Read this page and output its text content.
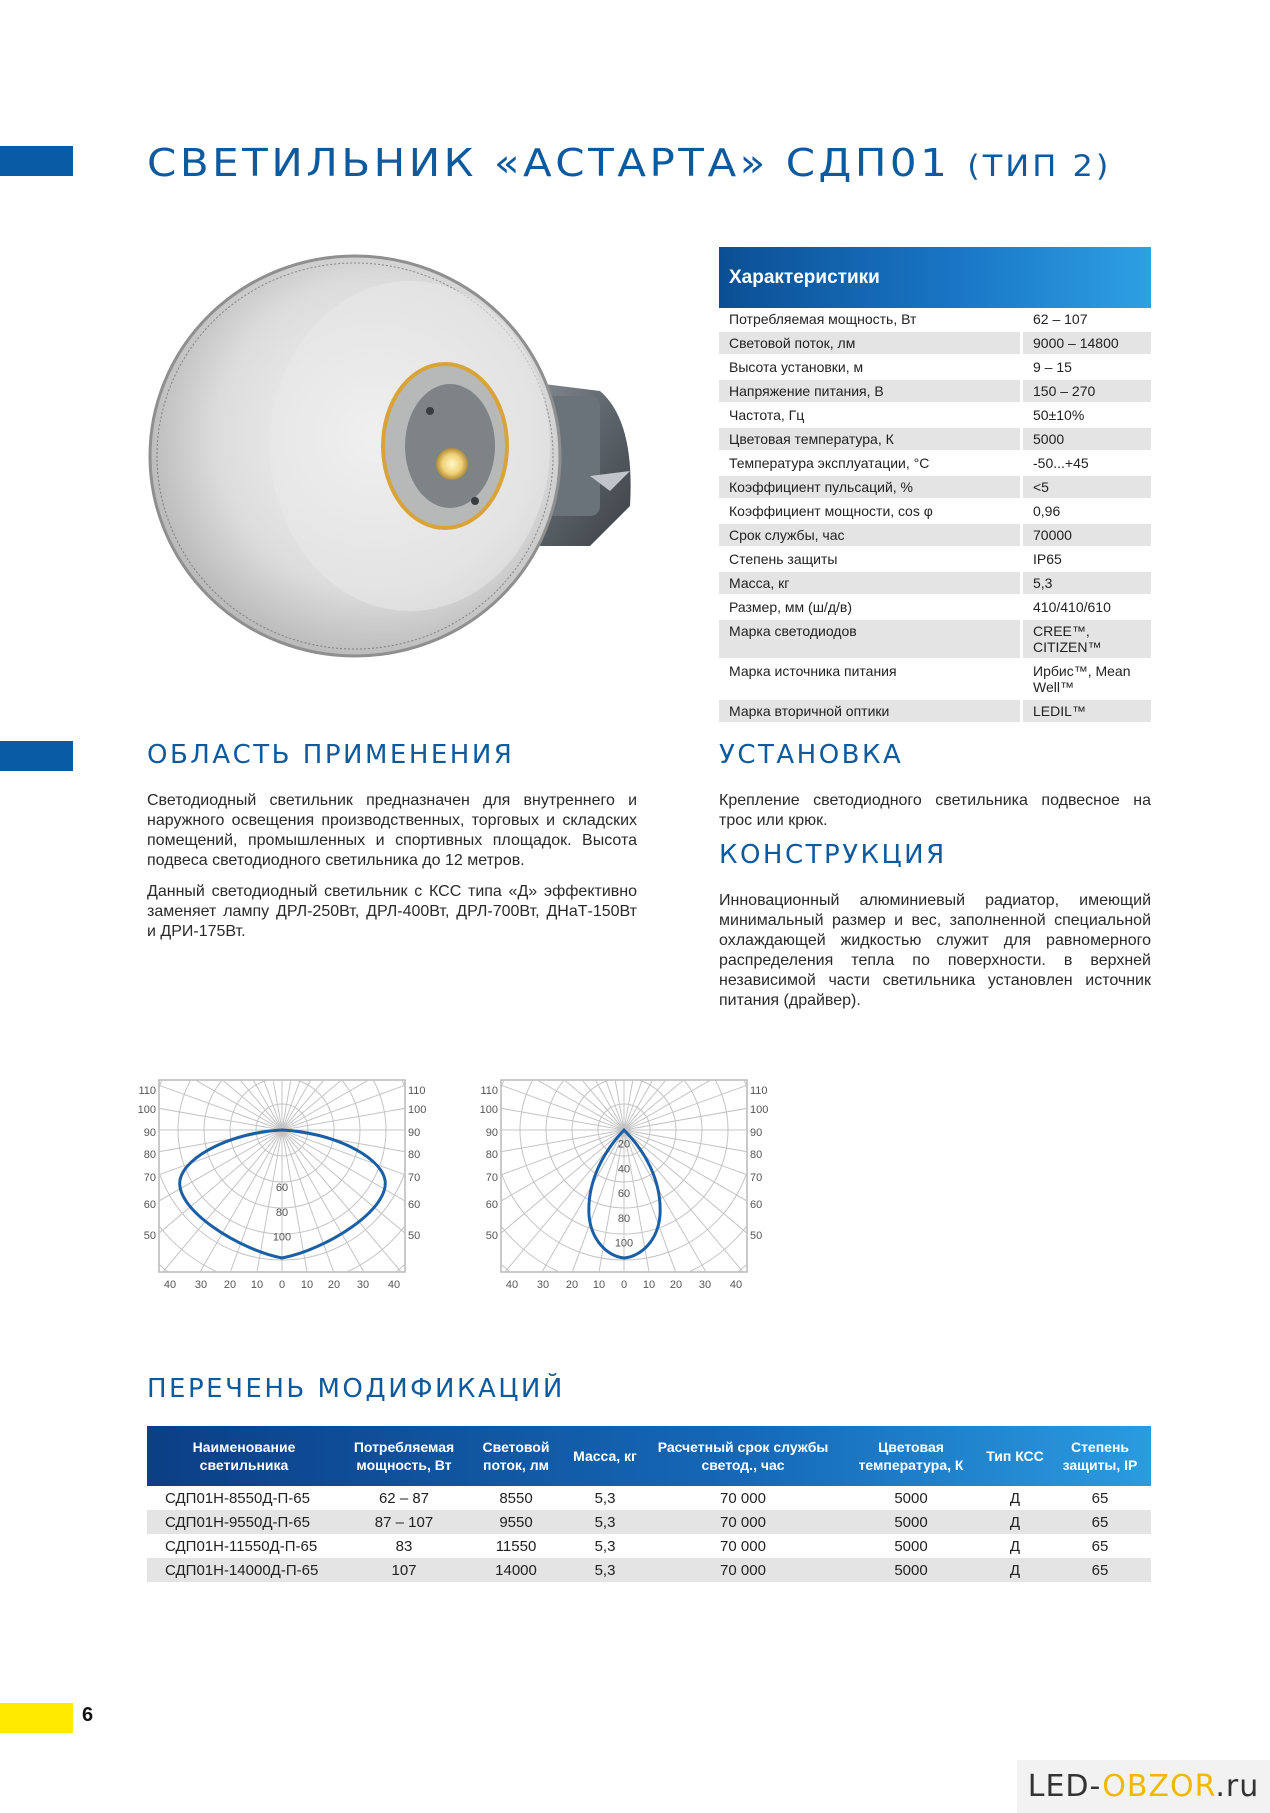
СВЕТИЛЬНИК «АСТАРТА» СДП01 (ТИП 2)
Характеристики
Потребляемая мощность, Вт	62 – 107
Световой поток, лм	9000 – 14800
Высота установки, м	9 – 15
Напряжение питания, В	150 – 270
Частота, Гц	50±10%
Цветовая температура, К	5000
Температура эксплуатации, °С	-50...+45
Коэффициент пульсаций, %	<5
Коэффициент мощности, cos φ	0,96
Срок службы, час	70000
Степень защиты	IP65
Масса, кг	5,3
Размер, мм (ш/д/в)	410/410/610
Марка светодиодов	CREE™, CITIZEN™
Марка источника питания	Ирбис™, Mean Well™
Марка вторичной оптики	LEDIL™
ОБЛАСТЬ ПРИМЕНЕНИЯ

Светодиодный светильник предназначен для внутреннего и наружного освещения производственных, торговых и складских помещений, промышленных и спортивных площадок. Высота подвеса светодиодного светильника до 12 метров.

Данный светодиодный светильник с КСС типа «Д» эффективно заменяет лампу ДРЛ-250Вт, ДРЛ-400Вт, ДРЛ-700Вт, ДНаТ-150Вт и ДРИ-175Вт.

УСТАНОВКА
Крепление светодиодного светильника подвесное на трос или крюк.
КОНСТРУКЦИЯ
Инновационный алюминиевый радиатор, имеющий минимальный размер и вес, заполненной специальной охлаждающей жидкостью служит для равномерного распределения тепла по поверхности. в верхней независимой части светильника установлен источник питания (драйвер).
110	110
100	100
90	90
80	80
70	70
60	60
50	50
40 30 20 10 0 10 20 30 40
60
80
100
110	110
100	100
90	90
80	80
70	70
60	60
50	50
40 30 20 10 0 10 20 30 40
20
40
60
80
100
ПЕРЕЧЕНЬ МОДИФИКАЦИЙ
Наименование светильника	Потребляемая мощность, Вт	Световой поток, лм	Масса, кг	Расчетный срок службы светод., час	Цветовая температура, К	Тип КСС	Степень защиты, IP
СДП01Н-8550Д-П-65	62 – 87	8550	5,3	70 000	5000	Д	65
СДП01Н-9550Д-П-65	87 – 107	9550	5,3	70 000	5000	Д	65
СДП01Н-11550Д-П-65	83	11550	5,3	70 000	5000	Д	65
СДП01Н-14000Д-П-65	107	14000	5,3	70 000	5000	Д	65
6
LED-OBZOR.ru
